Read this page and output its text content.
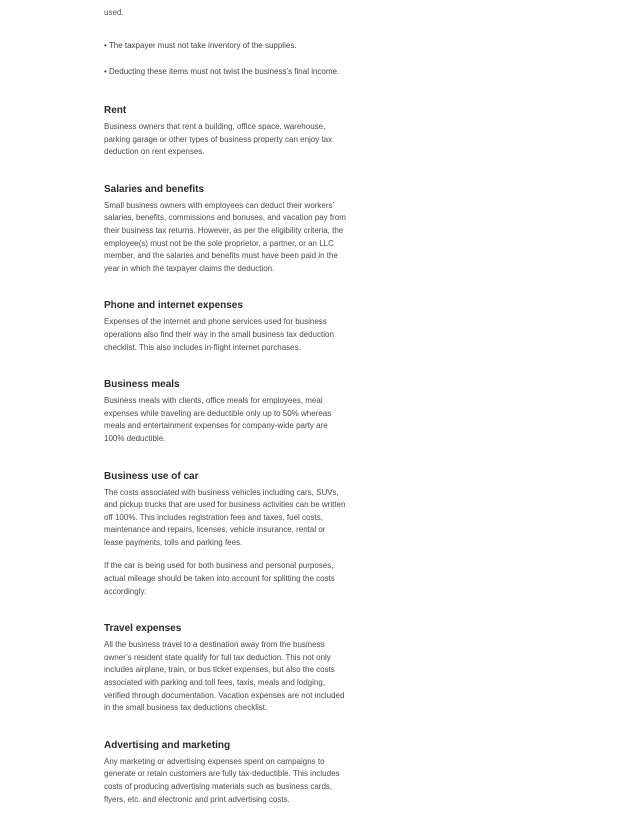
used.

• The taxpayer must not take inventory of the supplies.

• Deducting these items must not twist the business’s final income.

Rent

Business owners that rent a building, office space, warehouse, parking garage or other types of business property can enjoy tax deduction on rent expenses.

Salaries and benefits

Small business owners with employees can deduct their workers’ salaries, benefits, commissions and bonuses, and vacation pay from their business tax returns. However, as per the eligibility criteria, the employee(s) must not be the sole proprietor, a partner, or an LLC member, and the salaries and benefits must have been paid in the year in which the taxpayer claims the deduction.

Phone and internet expenses

Expenses of the internet and phone services used for business operations also find their way in the small business tax deduction checklist. This also includes in-flight internet purchases.

Business meals

Business meals with clients, office meals for employees, meal expenses while traveling are deductible only up to 50% whereas meals and entertainment expenses for company-wide party are 100% deductible.

Business use of car

The costs associated with business vehicles including cars, SUVs, and pickup trucks that are used for business activities can be written off 100%. This includes registration fees and taxes, fuel costs, maintenance and repairs, licenses, vehicle insurance, rental or lease payments, tolls and parking fees.

If the car is being used for both business and personal purposes, actual mileage should be taken into account for splitting the costs accordingly.

Travel expenses

All the business travel to a destination away from the business owner’s resident state qualify for full tax deduction. This not only includes airplane, train, or bus ticket expenses, but also the costs associated with parking and toll fees, taxis, meals and lodging, verified through documentation. Vacation expenses are not included in the small business tax deductions checklist.

Advertising and marketing

Any marketing or advertising expenses spent on campaigns to generate or retain customers are fully tax-deductible. This includes costs of producing advertising materials such as business cards, flyers, etc. and electronic and print advertising costs.
